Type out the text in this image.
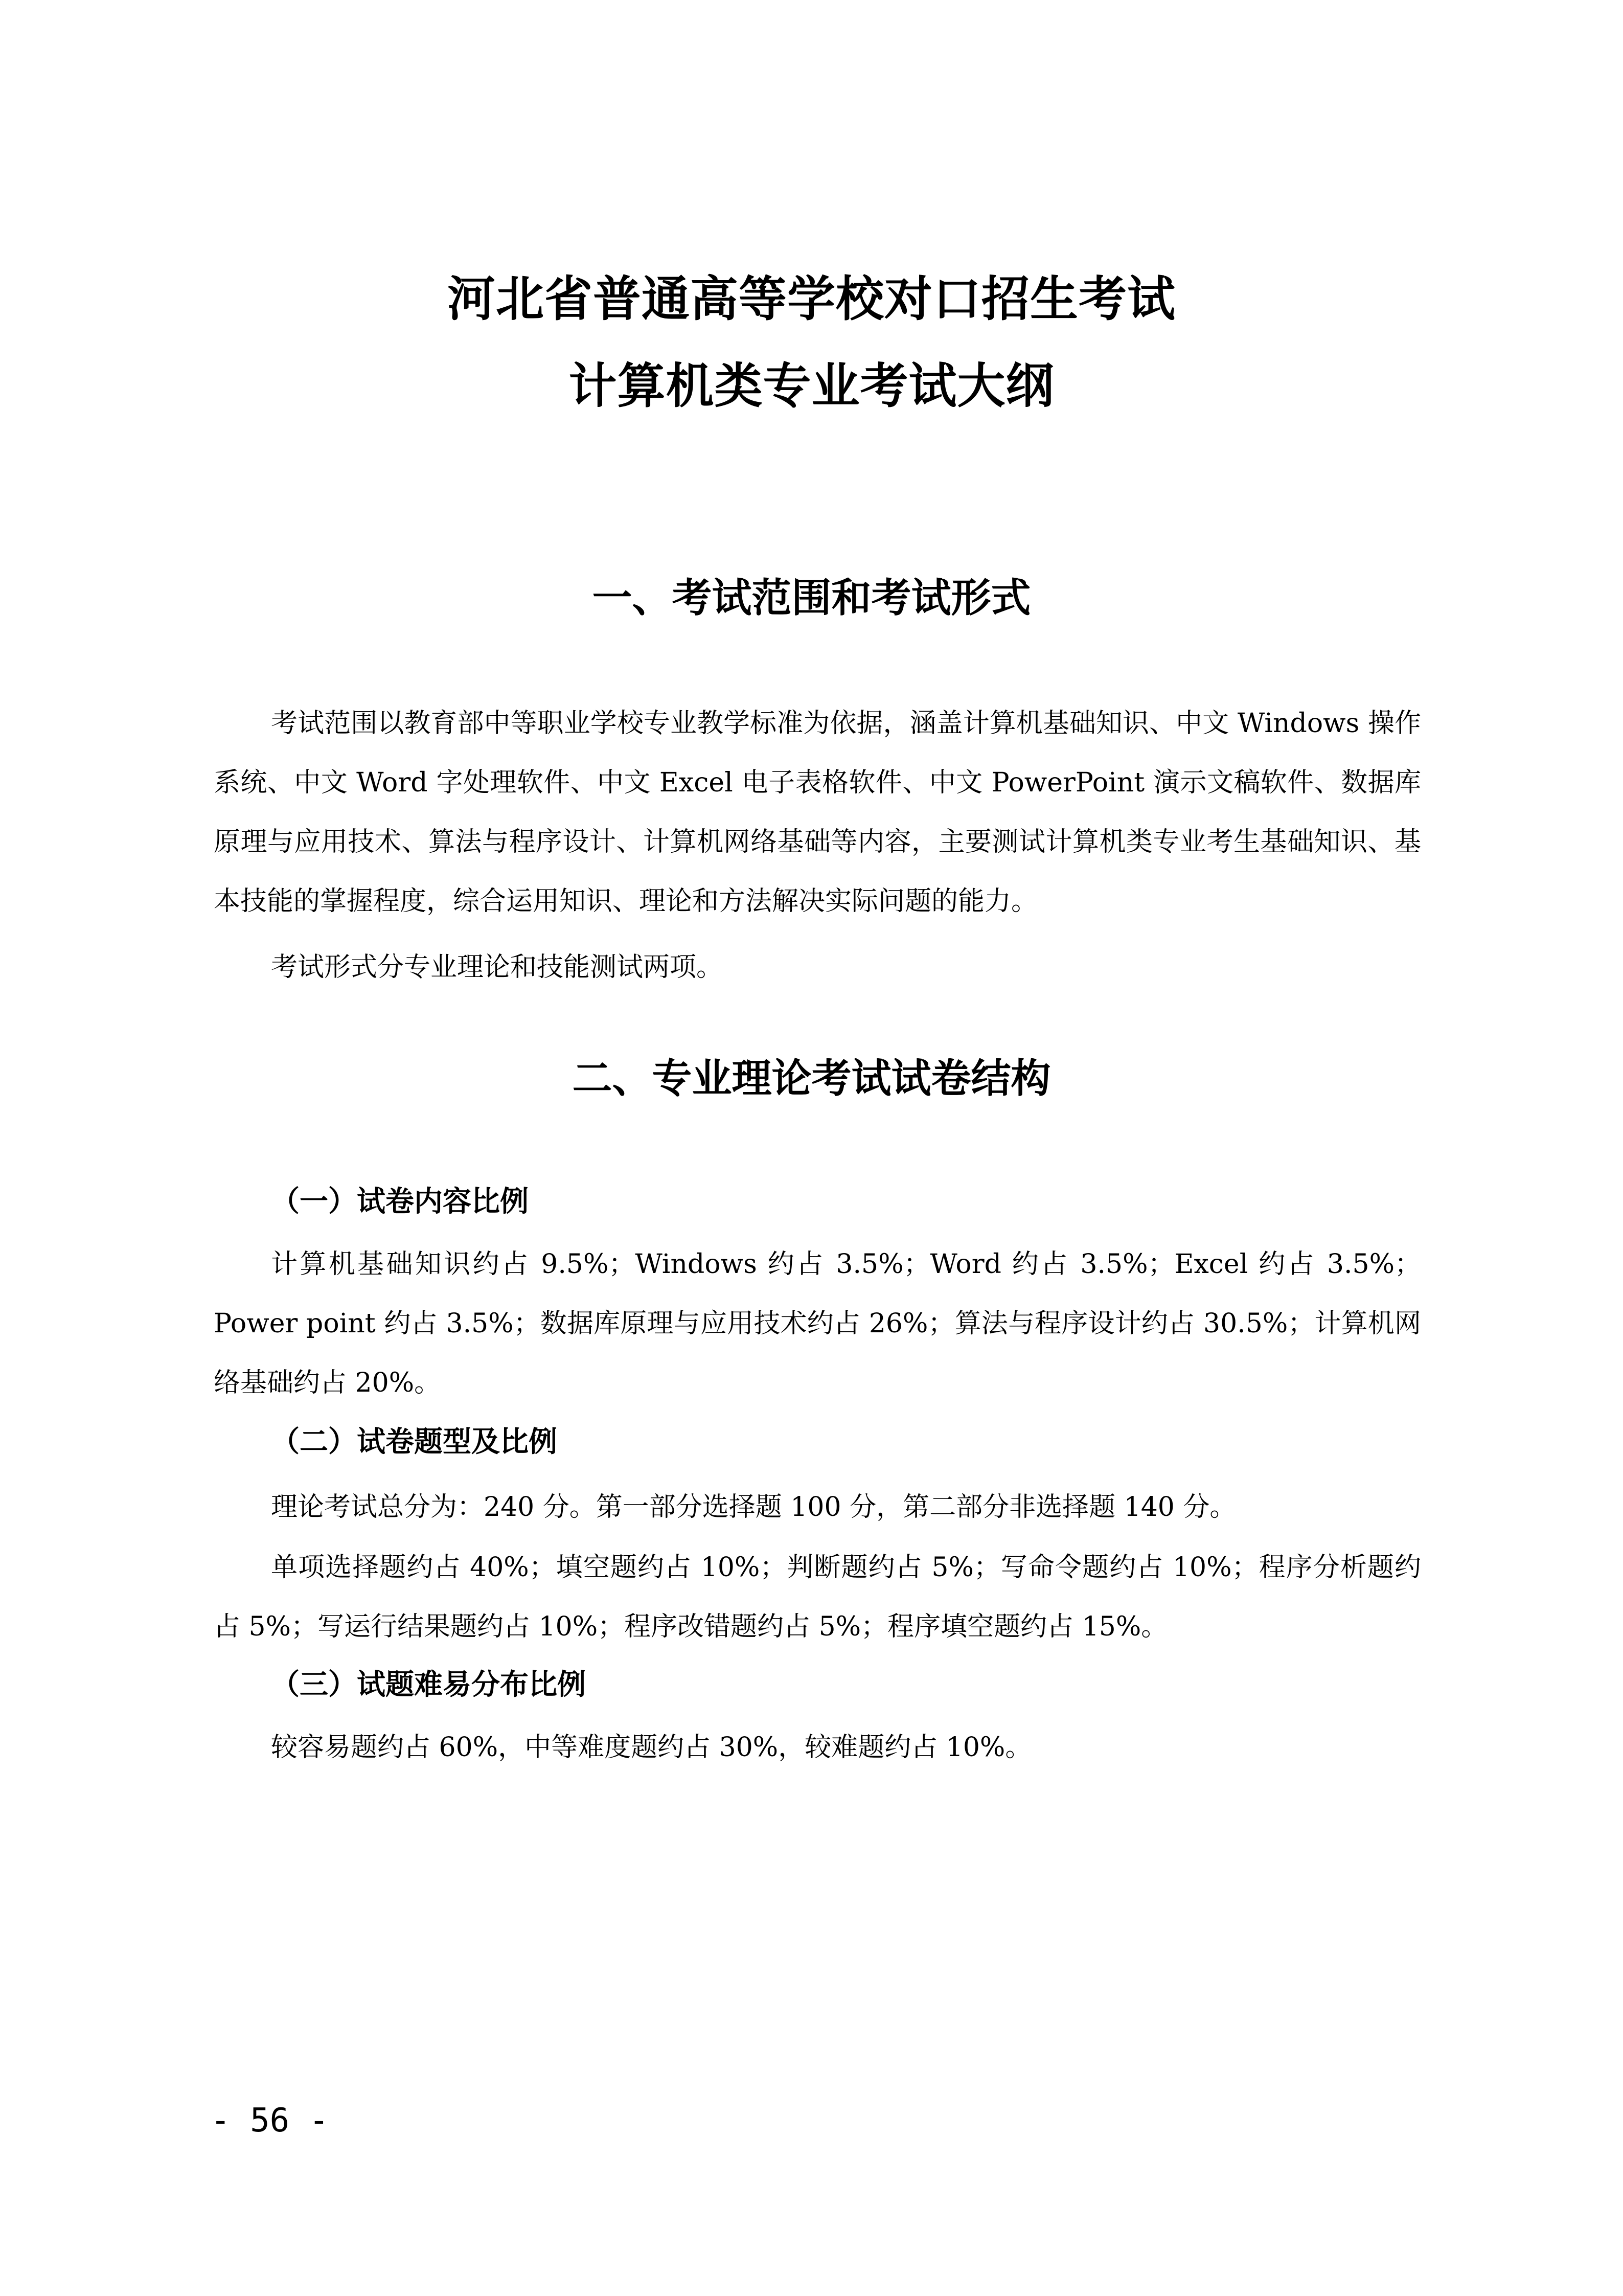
河北省普通高等学校对口招生考试
计算机类专业考试大纲
一、考试范围和考试形式

考试范围以教育部中等职业学校专业教学标准为依据，涵盖计算机基础知识、中文 Windows 操作系统、中文 Word 字处理软件、中文 Excel 电子表格软件、中文 PowerPoint 演示文稿软件、数据库原理与应用技术、算法与程序设计、计算机网络基础等内容，主要测试计算机类专业考生基础知识、基本技能的掌握程度，综合运用知识、理论和方法解决实际问题的能力。

考试形式分专业理论和技能测试两项。

二、专业理论考试试卷结构
（一）试卷内容比例

计算机基础知识约占 9.5%；Windows 约占 3.5%；Word 约占 3.5%；Excel 约占 3.5%；Power point 约占 3.5%；数据库原理与应用技术约占 26%；算法与程序设计约占 30.5%；计算机网络基础约占 20%。

（二）试卷题型及比例

理论考试总分为：240 分。第一部分选择题 100 分，第二部分非选择题 140 分。

单项选择题约占 40%；填空题约占 10%；判断题约占 5%；写命令题约占 10%；程序分析题约占 5%；写运行结果题约占 10%；程序改错题约占 5%；程序填空题约占 15%。

（三）试题难易分布比例

较容易题约占 60%，中等难度题约占 30%，较难题约占 10%。

- 56 -
